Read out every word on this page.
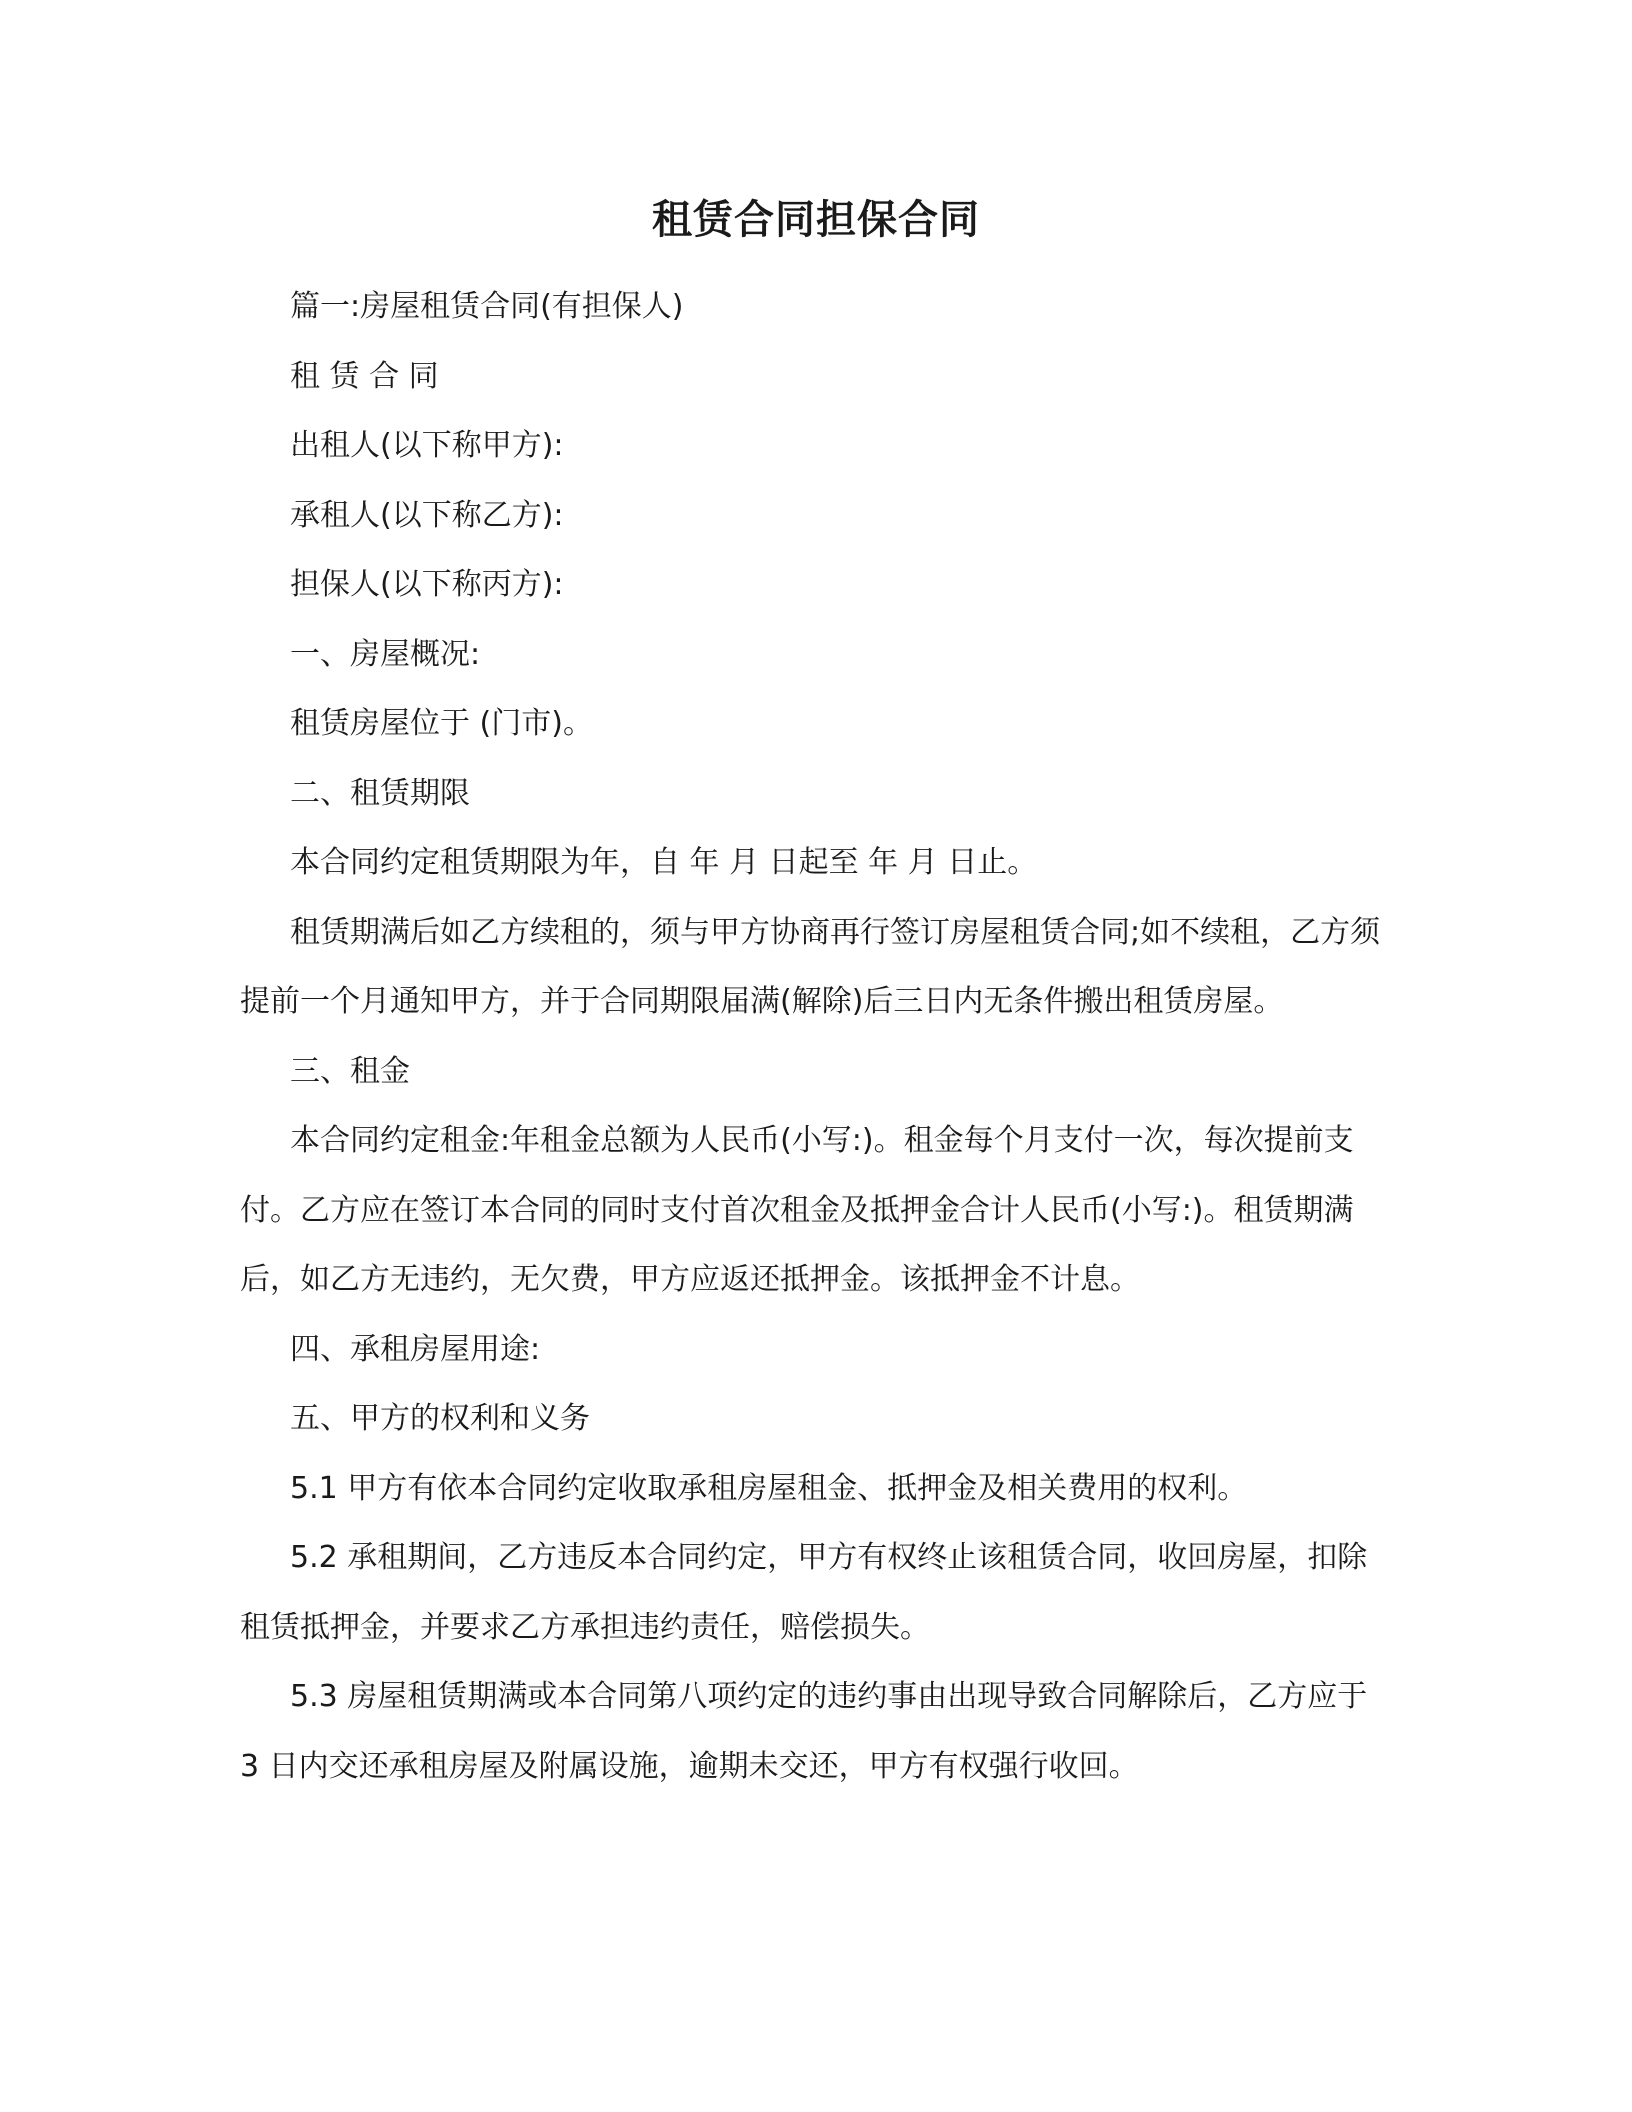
租赁合同担保合同

篇一:房屋租赁合同(有担保人)

租 赁 合 同

出租人(以下称甲方):

承租人(以下称乙方):

担保人(以下称丙方):

一、房屋概况:

租赁房屋位于 (门市)。

二、租赁期限

本合同约定租赁期限为年，自 年 月 日起至 年 月 日止。

租赁期满后如乙方续租的，须与甲方协商再行签订房屋租赁合同;如不续租，乙方须提前一个月通知甲方，并于合同期限届满(解除)后三日内无条件搬出租赁房屋。

三、租金

本合同约定租金:年租金总额为人民币(小写:)。租金每个月支付一次，每次提前支付。乙方应在签订本合同的同时支付首次租金及抵押金合计人民币(小写:)。租赁期满后，如乙方无违约，无欠费，甲方应返还抵押金。该抵押金不计息。

四、承租房屋用途:

五、甲方的权利和义务

5.1 甲方有依本合同约定收取承租房屋租金、抵押金及相关费用的权利。

5.2 承租期间，乙方违反本合同约定，甲方有权终止该租赁合同，收回房屋，扣除租赁抵押金，并要求乙方承担违约责任，赔偿损失。

5.3 房屋租赁期满或本合同第八项约定的违约事由出现导致合同解除后，乙方应于 3 日内交还承租房屋及附属设施，逾期未交还，甲方有权强行收回。
